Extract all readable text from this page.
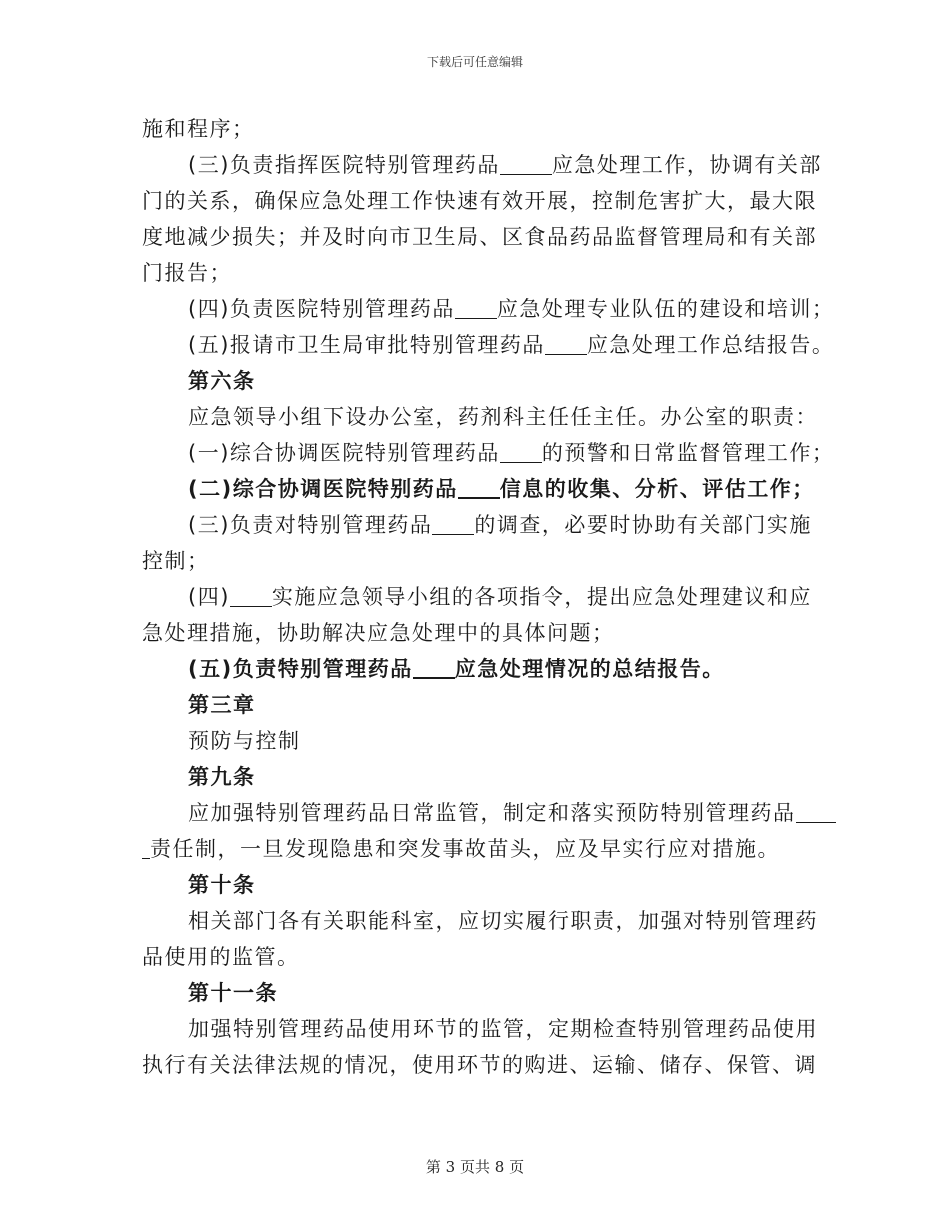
下载后可任意编辑
施和程序；
(三)负责指挥医院特别管理药品 应急处理工作，协调有关部
门的关系，确保应急处理工作快速有效开展，控制危害扩大，最大限
度地减少损失；并及时向市卫生局、区食品药品监督管理局和有关部
门报告；
(四)负责医院特别管理药品 应急处理专业队伍的建设和培训；
(五)报请市卫生局审批特别管理药品 应急处理工作总结报告。
第六条
应急领导小组下设办公室，药剂科主任任主任。办公室的职责：
(一)综合协调医院特别管理药品 的预警和日常监督管理工作；
(二)综合协调医院特别药品 信息的收集、分析、评估工作；
(三)负责对特别管理药品 的调查，必要时协助有关部门实施
控制；
(四) 实施应急领导小组的各项指令，提出应急处理建议和应
急处理措施，协助解决应急处理中的具体问题；
(五)负责特别管理药品 应急处理情况的总结报告。
第三章
预防与控制
第九条
应加强特别管理药品日常监管，制定和落实预防特别管理药品
责任制，一旦发现隐患和突发事故苗头，应及早实行应对措施。
第十条
相关部门各有关职能科室，应切实履行职责，加强对特别管理药
品使用的监管。
第十一条
加强特别管理药品使用环节的监管，定期检查特别管理药品使用
执行有关法律法规的情况，使用环节的购进、运输、储存、保管、调
第 3 页共 8 页
